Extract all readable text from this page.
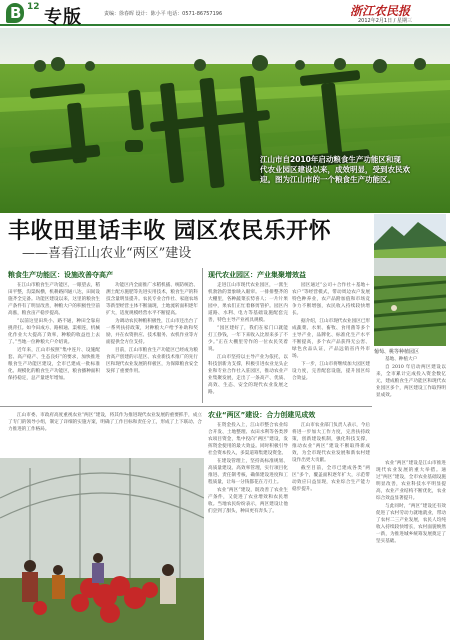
B 12 专版	责编：徐春晖 设计：陈小平 电话：0571-86757196	浙江农民报
2012年2月1日 / 星期三
江山市自2010年启动粮食生产功能区和现
代农业园区建设以来，成效明显，受到农民欢
迎。图为江山市的一个粮食生产功能区。
丰收田里话丰收 园区农民乐开怀
——喜看江山农业“两区”建设
葡萄、桃等种植园区
粮食生产功能区：设施改善夺高产

在江山市粮食生产功能区，一眼望去，稻田平整，沟渠纵横，机耕路四通八达，田间设施齐全完备。功能区建设以来，这里的粮食生产条件有了明显改善，种粮大户的积极性空前高涨，粮食亩产稳步提高。

“以前这里田块小、路不通，种田全靠肩挑背扛。如今田成方、路相通、渠相连，机械化作业大大提高了效率，种粮的收益也上去了。”当地一位种粮大户介绍说。

近年来，江山市按照“集中连片、设施配套、高产稳产、生态良好”的要求，加快推进粮食生产功能区建设，全市已建成一批标准化、规模化的粮食生产功能区，粮食播种面积保持稳定，总产量逐年增加。

功能区内全面推广水稻机插、统防统治、测土配方施肥等先进实用技术，粮食生产的科技含量明显提升。农民专业合作社、家庭农场等新型经营主体不断涌现，土地流转面积逐年扩大，适度规模经营水平不断提高。

为调动农民种粮积极性，江山市还出台了一系列扶持政策，对种粮大户给予补助和奖励，并在农资供应、技术服务、农机作业等方面提供全方位支持。

目前，江山市粮食生产功能区已经成为粮食高产创建的示范区、农业新技术推广的先行区和现代农业发展的样板区，为保障粮食安全发挥了重要作用。

现代农业园区：产业集聚增效益

走进江山市现代农业园区，一派生机勃勃的景象映入眼帘。一排排整齐的大棚里，各种蔬菜长势喜人；一片片果园中，果农们正忙着修剪管护。园区内道路、水利、电力等基础设施配套完善，特色主导产业初具规模。

“园区建好了，我们在家门口就能打工挣钱，一年下来收入比原来多了不少。”正在大棚里劳作的一位农民笑着说。

江山市坚持以主导产业为依托，以科技创新为支撑，积极引进农业龙头企业和专业合作社入驻园区，推动农业产业集聚发展，走出了一条高产、优质、高效、生态、安全的现代农业发展之路。

园区通过“公司＋合作社＋基地＋农户”等经营模式，带动周边农户发展特色种养业，农产品附加值和市场竞争力不断增强，农民收入持续较快增长。

据介绍，江山市现代农业园区已形成蔬菜、水果、畜牧、食用菌等多个主导产业，品牌化、标准化生产水平不断提高，多个农产品获得无公害、绿色食品认证，产品远销省内外市场。

下一步，江山市将继续加大园区建设力度，完善配套设施，提升园区综合效益。

基地、种植大户

自 2010 年启动两区建设以来，全市累计完成投入资金数亿元，建成粮食生产功能区和现代农业园区多个，两区建设工作取得明显成效。

农业“两区”建设：合力创建见成效

江山市委、市政府高度重视农业“两区”建设，将其作为推进现代农业发展的重要抓手，成立了专门的领导小组，制定了详细的实施方案，明确了工作目标和责任分工，形成了上下联动、合力推进的工作格局。

在资金投入上，江山市整合农业综合开发、土地整理、农田水利等各类涉农项目资金，集中投向“两区”建设，发挥资金使用的最大效益。同时积极引导社会资本投入，多渠道筹集建设资金。

在建设管理上，坚持高标准规划、高质量建设、高效率管理，实行项目化推进、责任制考核，确保建设进度和工程质量，让每一分钱都花在刀刃上。

农业“两区”建设，既改善了农业生产条件，又促进了农业增效和农民增收。当地农民纷纷表示，两区建设让他们尝到了甜头，种田更有奔头了。

江山市农业部门负责人表示，今后将进一步加大工作力度，完善扶持政策，创新建设机制，强化科技支撑，推动农业“两区”建设不断取得新成效，为全市现代农业发展和新农村建设作出更大贡献。

截至目前，全市已建成各类“两区”多个，覆盖面积逐年扩大，示范带动效应日益显现，农业综合生产能力稳步提升。

农业“两区”建设是江山市推进现代农业发展的重大举措。通过“两区”建设，全市农业基础设施明显改善，农业科技水平明显提高，农业产业结构不断优化，农业综合效益显著提升。

与此同时，“两区”建设还有效促进了农村劳动力就地就业，带动了农村二三产业发展，农民人均纯收入持续较快增长，农村面貌焕然一新，为推进城乡统筹发展奠定了坚实基础。
